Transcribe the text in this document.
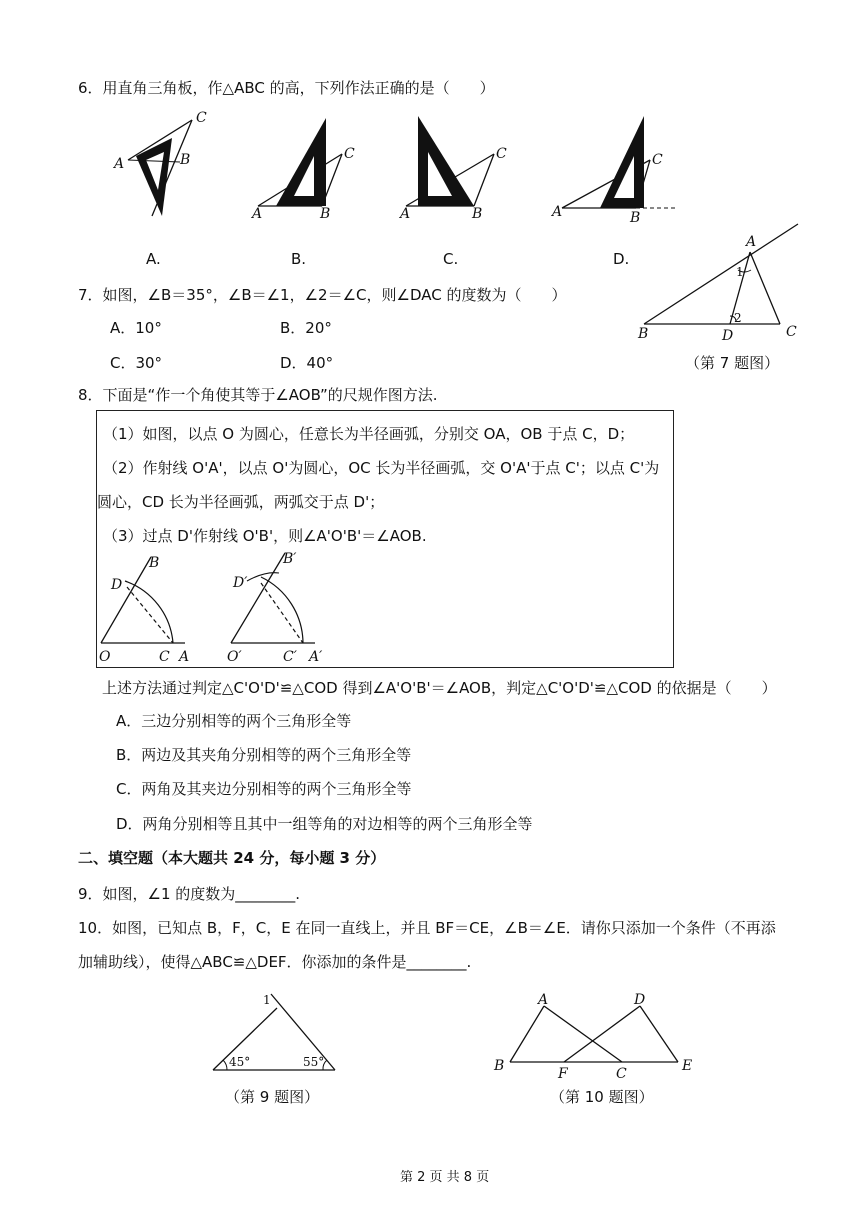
6．用直角三角板，作△ABC 的高，下列作法正确的是（　　）
C
A	B	C
A	B
C
A	B
C
A	B
A.	B.	C.	D.
7．如图，∠B＝35°，∠B＝∠1，∠2＝∠C，则∠DAC 的度数为（　　）
A．10°	B．20°
C．30°	D．40°
A
B	C
D
1
2
（第 7 题图）
8．下面是“作一个角使其等于∠AOB”的尺规作图方法.
（1）如图，以点 O 为圆心，任意长为半径画弧，分别交 OA，OB 于点 C，D；
（2）作射线 O'A'，以点 O'为圆心，OC 长为半径画弧，交 O'A'于点 C'；以点 C'为
圆心，CD 长为半径画弧，两弧交于点 D'；
（3）过点 D'作射线 O'B'，则∠A'O'B'＝∠AOB.
O	A
C
D
B
O′	A′
C′
D′
B′
上述方法通过判定△C'O'D'≌△COD 得到∠A'O'B'＝∠AOB，判定△C'O'D'≌△COD 的依据是（　　）
A．三边分别相等的两个三角形全等
B．两边及其夹角分别相等的两个三角形全等
C．两角及其夹边分别相等的两个三角形全等
D．两角分别相等且其中一组等角的对边相等的两个三角形全等
二、填空题（本大题共 24 分，每小题 3 分）
9．如图，∠1 的度数为________.
10．如图，已知点 B，F，C，E 在同一直线上，并且 BF＝CE，∠B＝∠E．请你只添加一个条件（不再添
加辅助线），使得△ABC≌△DEF．你添加的条件是________.
1
45°	55°
（第 9 题图）
A	D
B	F	C	E
（第 10 题图）
第 2 页 共 8 页
